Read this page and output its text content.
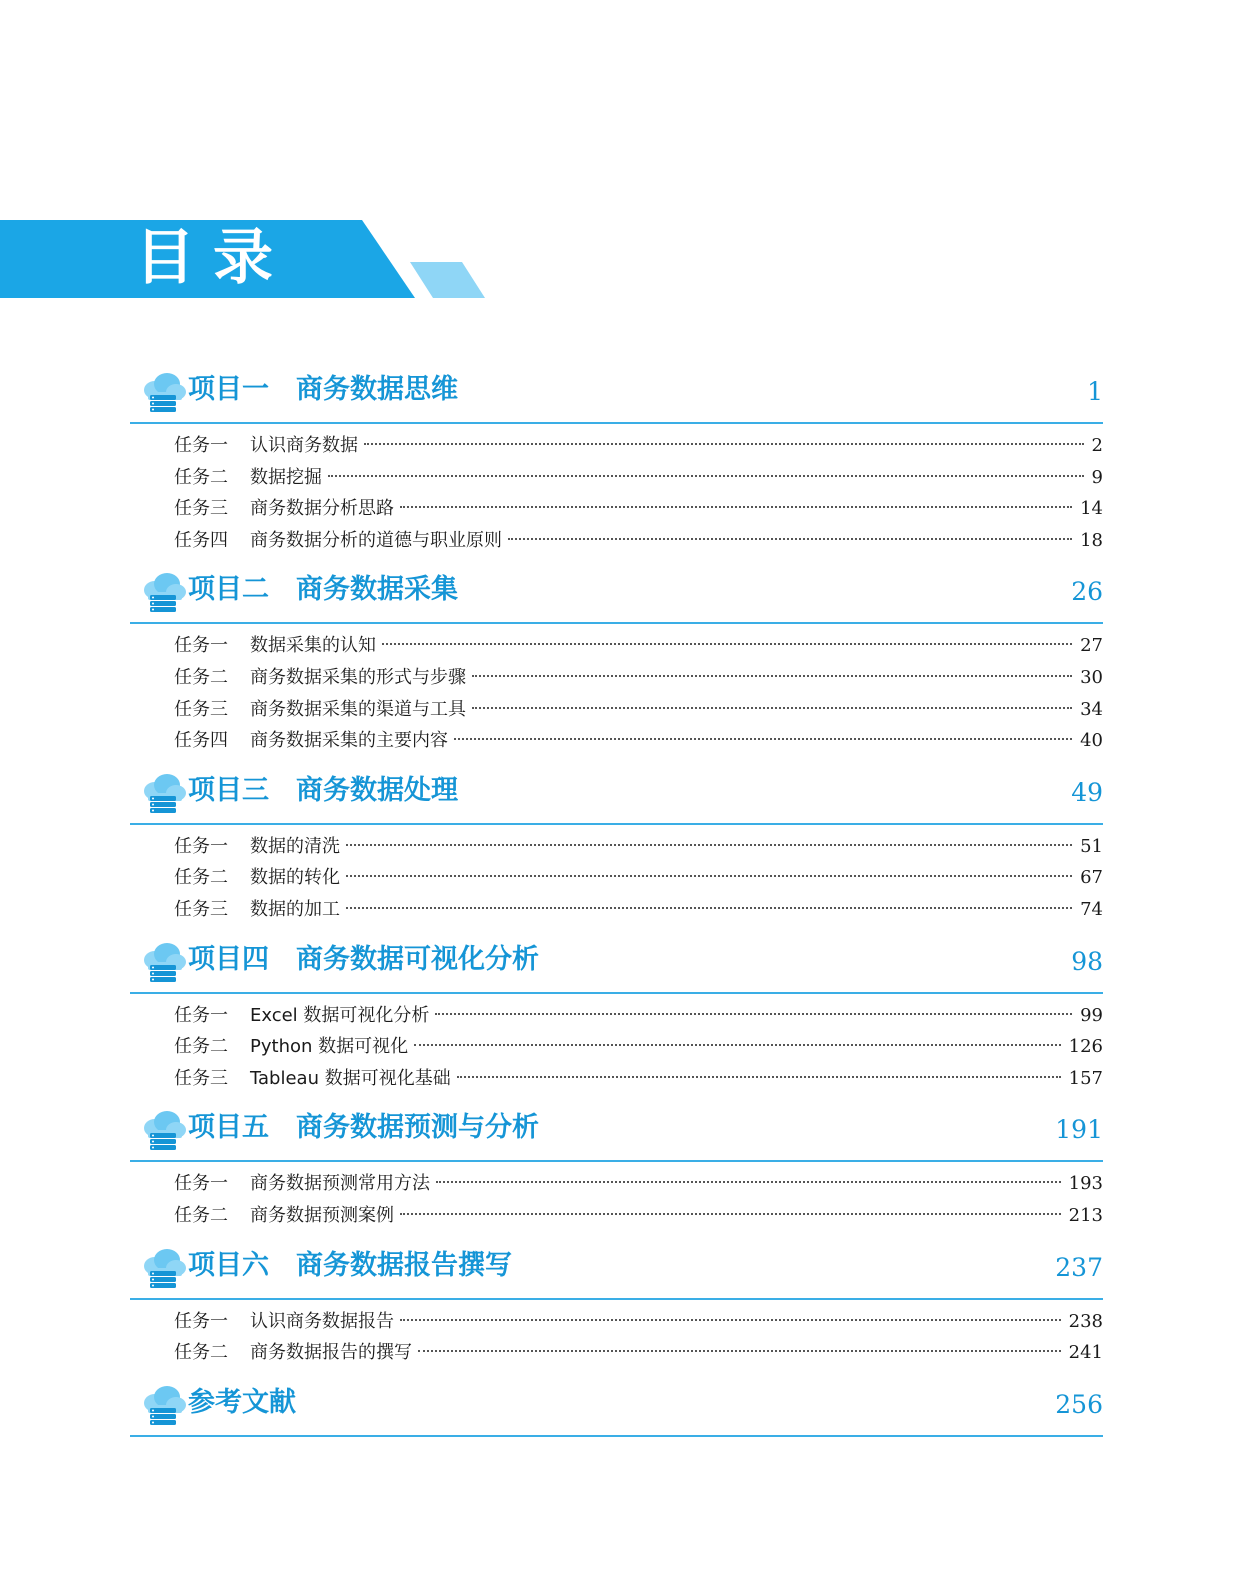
目录
项目一　商务数据思维	1
任务一	认识商务数据	2
任务二	数据挖掘	9
任务三	商务数据分析思路	14
任务四	商务数据分析的道德与职业原则	18
项目二　商务数据采集	26
任务一	数据采集的认知	27
任务二	商务数据采集的形式与步骤	30
任务三	商务数据采集的渠道与工具	34
任务四	商务数据采集的主要内容	40
项目三　商务数据处理	49
任务一	数据的清洗	51
任务二	数据的转化	67
任务三	数据的加工	74
项目四　商务数据可视化分析	98
任务一	Excel 数据可视化分析	99
任务二	Python 数据可视化	126
任务三	Tableau 数据可视化基础	157
项目五　商务数据预测与分析	191
任务一	商务数据预测常用方法	193
任务二	商务数据预测案例	213
项目六　商务数据报告撰写	237
任务一	认识商务数据报告	238
任务二	商务数据报告的撰写	241
参考文献	256
